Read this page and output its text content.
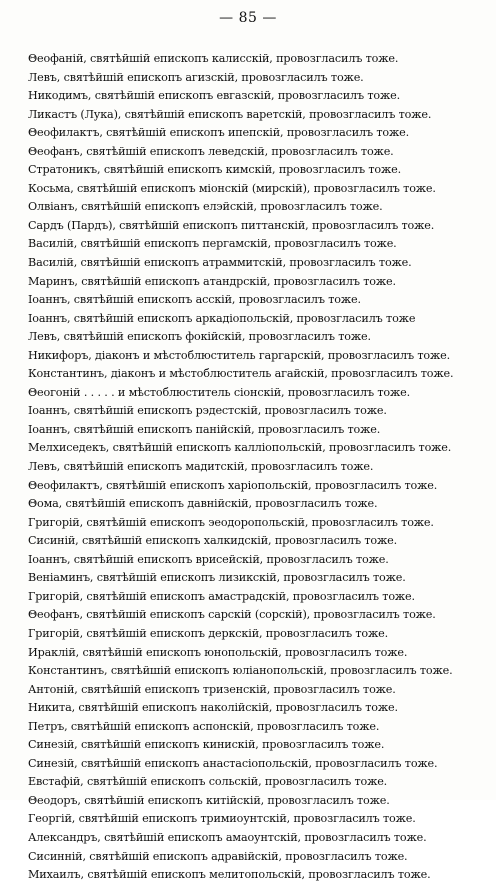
— 85 —
Θеофаній, святѣйшій епископъ калисскій, провозгласилъ тоже.
Левъ, святѣйшій епископъ агизскій, провозгласилъ тоже.
Никодимъ, святѣйшій епископъ евгазскій, провозгласилъ тоже.
Ликастъ (Лука), святѣйшій епископъ варетскій, провозгласилъ тоже.
Θеофилактъ, святѣйшій епископъ ипепскій, провозгласилъ тоже.
Θеофанъ, святѣйшій епископъ леведскій, провозгласилъ тоже.
Стратоникъ, святѣйшій епископъ кимскій, провозгласилъ тоже.
Косьма, святѣйшій епископъ міонскій (мирскій), провозгласилъ тоже.
Олвіанъ, святѣйшій епископъ елэйскій, провозгласилъ тоже.
Сардъ (Пардъ), святѣйшій епископъ питтанскій, провозгласилъ тоже.
Василій, святѣйшій епископъ пергамскій, провозгласилъ тоже.
Василій, святѣйшій епископъ атраммитскій, провозгласилъ тоже.
Маринъ, святѣйшій епископъ атандрскій, провозгласилъ тоже.
Іоаннъ, святѣйшій епископъ асскій, провозгласилъ тоже.
Іоаннъ, святѣйшій епископъ аркадіопольскій, провозгласилъ тоже
Левъ, святѣйшій епископъ фокійскій, провозгласилъ тоже.
Никифоръ, діаконъ и мѣстоблюститель гаргарскій, провозгласилъ тоже.
Константинъ, діаконъ и мѣстоблюститель агайскій, провозгласилъ тоже.
Θеогоній . . . . . и мѣстоблюститель сіонскій, провозгласилъ тоже.
Іоаннъ, святѣйшій епископъ рэдестскій, провозгласилъ тоже.
Іоаннъ, святѣйшій епископъ панійскій, провозгласилъ тоже.
Мелхиседекъ, святѣйшій епископъ калліопольскій, провозгласилъ тоже.
Левъ, святѣйшій епископъ мадитскій, провозгласилъ тоже.
Θеофилактъ, святѣйшій епископъ харіопольскій, провозгласилъ тоже.
Θома, святѣйшій епископъ давнійскій, провозгласилъ тоже.
Григорій, святѣйшій епископъ эеодоропольскій, провозгласилъ тоже.
Сисиній, святѣйшій епископъ халкидскій, провозгласилъ тоже.
Іоаннъ, святѣйшій епископъ врисейскій, провозгласилъ тоже.
Веніаминъ, святѣйшій епископъ лизикскій, провозгласилъ тоже.
Григорій, святѣйшій епископъ амастрадскій, провозгласилъ тоже.
Θеофанъ, святѣйшій епископъ сарскій (сорскій), провозгласилъ тоже.
Григорій, святѣйшій епископъ деркскій, провозгласилъ тоже.
Ираклій, святѣйшій епископъ юнопольскій, провозгласилъ тоже.
Константинъ, святѣйшій епископъ юліанопольскій, провозгласилъ тоже.
Антоній, святѣйшій епископъ тризенскій, провозгласилъ тоже.
Никита, святѣйшій епископъ наколійскій, провозгласилъ тоже.
Петръ, святѣйшій епископъ аспонскій, провозгласилъ тоже.
Синезій, святѣйшій епископъ кинискій, провозгласилъ тоже.
Синезій, святѣйшій епископъ анастасіопольскій, провозгласилъ тоже.
Евстафій, святѣйшій епископъ сольскій, провозгласилъ тоже.
Θеодоръ, святѣйшій епископъ китійскій, провозгласилъ тоже.
Георгій, святѣйшій епископъ тримиоунтскій, провозгласилъ тоже.
Александръ, святѣйшій епископъ амаоунтскій, провозгласилъ тоже.
Сисинній, святѣйшій епископъ адравійскій, провозгласилъ тоже.
Михаилъ, святѣйшій епископъ мелитопольскій, провозгласилъ тоже.
